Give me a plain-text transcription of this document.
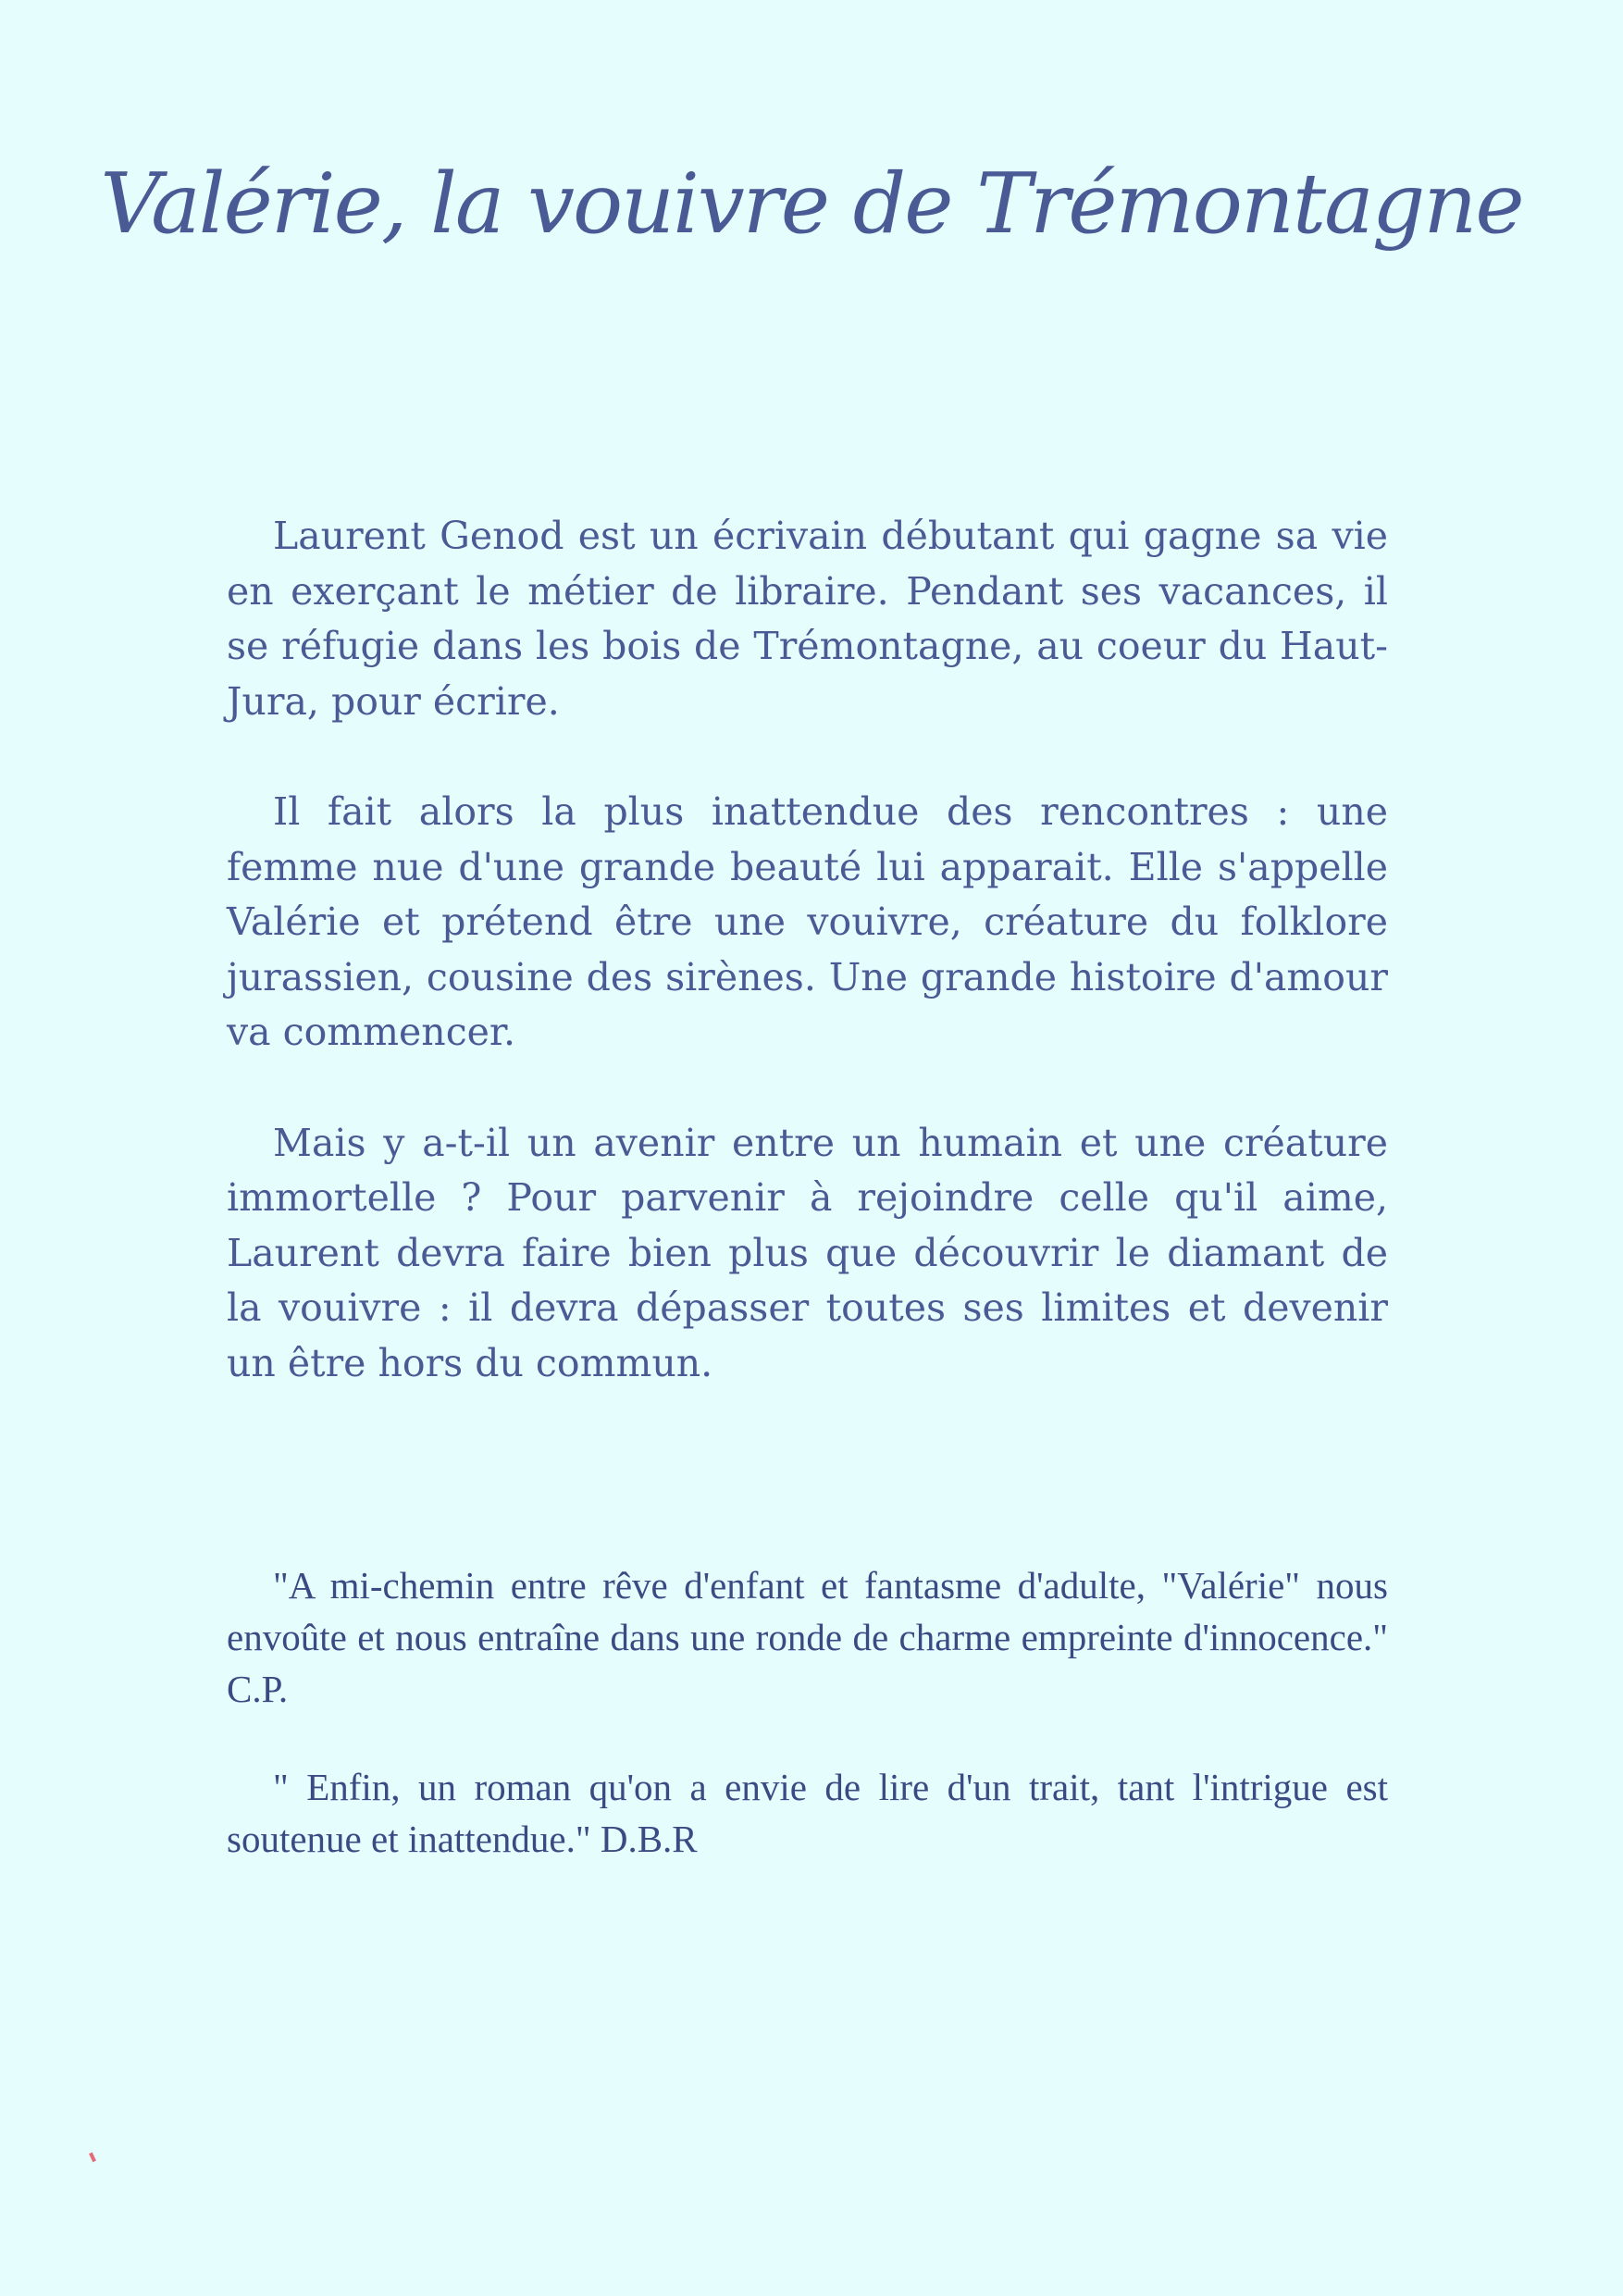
Valérie, la vouivre de Trémontagne

Laurent Genod est un écrivain débutant qui gagne sa vie en exerçant le métier de libraire. Pendant ses vacances, il se réfugie dans les bois de Trémontagne, au coeur du Haut-Jura, pour écrire.

Il fait alors la plus inattendue des rencontres : une femme nue d'une grande beauté lui apparait. Elle s'appelle Valérie et prétend être une vouivre, créature du folklore jurassien, cousine des sirènes. Une grande histoire d'amour va commencer.

Mais y a-t-il un avenir entre un humain et une créature immortelle ? Pour parvenir à rejoindre celle qu'il aime, Laurent devra faire bien plus que découvrir le diamant de la vouivre : il devra dépasser toutes ses limites et devenir un être hors du commun.

"A mi-chemin entre rêve d'enfant et fantasme d'adulte, "Valérie" nous envoûte et nous entraîne dans une ronde de charme empreinte d'innocence." C.P.

" Enfin, un roman qu'on a envie de lire d'un trait, tant l'intrigue est soutenue et inattendue." D.B.R
